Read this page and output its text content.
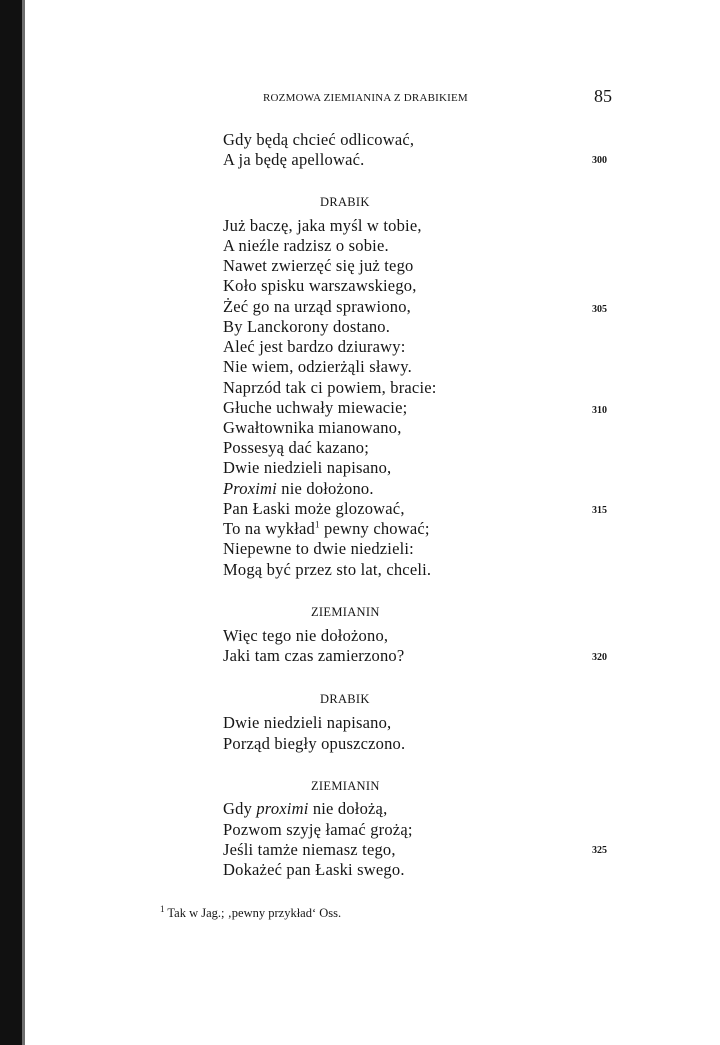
ROZMOWA ZIEMIANINA Z DRABIKIEM	85
Gdy będą chcieć odlicować,
A ja będę apellować.	300
DRABIK
Już baczę, jaka myśl w tobie,
A nieźle radzisz o sobie.
Nawet zwierzęć się już tego
Koło spisku warszawskiego,
Żeć go na urząd sprawiono,	305
By Lanckorony dostano.
Aleć jest bardzo dziurawy:
Nie wiem, odzierżąli sławy.
Naprzód tak ci powiem, bracie:
Głuche uchwały miewacie;	310
Gwałtownika mianowano,
Possesyą dać kazano;
Dwie niedzieli napisano,
Proximi nie dołożono.
Pan Łaski może glozować,	315
To na wykład$^1$ pewny chować;
Niepewne to dwie niedzieli:
Mogą być przez sto lat, chceli.
ZIEMIANIN
Więc tego nie dołożono,
Jaki tam czas zamierzono?	320
DRABIK
Dwie niedzieli napisano,
Porząd biegły opuszczono.
ZIEMIANIN
Gdy proximi nie dołożą,
Pozwom szyję łamać grożą;
Jeśli tamże niemasz tego,	325
Dokażeć pan Łaski swego.
$^1$ Tak w Jag.; ‚pewny przykład‘ Oss.
